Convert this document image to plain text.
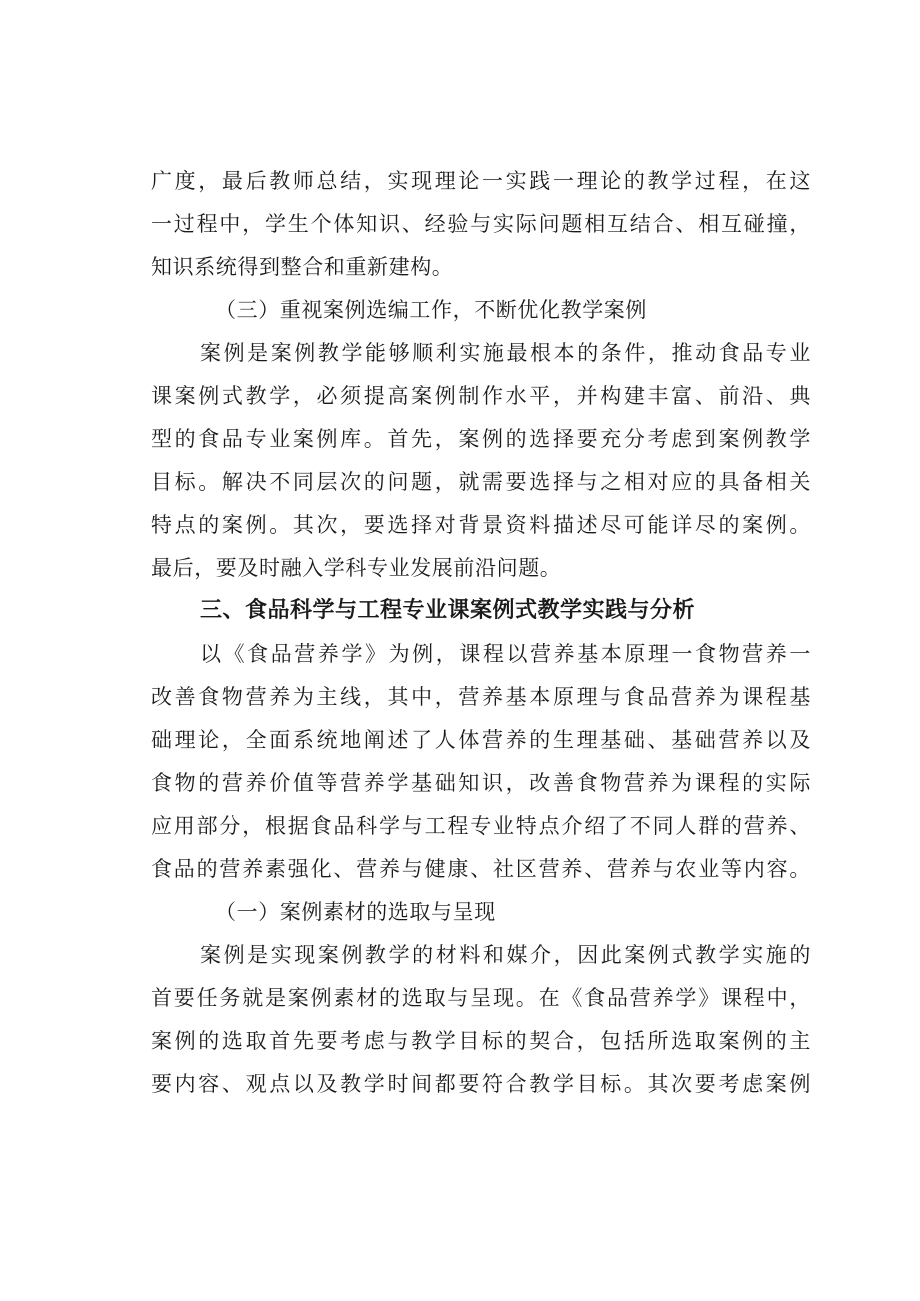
广度，最后教师总结，实现理论一实践一理论的教学过程，在这
一过程中，学生个体知识、经验与实际问题相互结合、相互碰撞，
知识系统得到整合和重新建构。
（三）重视案例选编工作，不断优化教学案例
案例是案例教学能够顺利实施最根本的条件，推动食品专业
课案例式教学，必须提高案例制作水平，并构建丰富、前沿、典
型的食品专业案例库。首先，案例的选择要充分考虑到案例教学
目标。解决不同层次的问题，就需要选择与之相对应的具备相关
特点的案例。其次，要选择对背景资料描述尽可能详尽的案例。
最后，要及时融入学科专业发展前沿问题。
三、食品科学与工程专业课案例式教学实践与分析
以《食品营养学》为例，课程以营养基本原理一食物营养一
改善食物营养为主线，其中，营养基本原理与食品营养为课程基
础理论，全面系统地阐述了人体营养的生理基础、基础营养以及
食物的营养价值等营养学基础知识，改善食物营养为课程的实际
应用部分，根据食品科学与工程专业特点介绍了不同人群的营养、
食品的营养素强化、营养与健康、社区营养、营养与农业等内容。
（一）案例素材的选取与呈现
案例是实现案例教学的材料和媒介，因此案例式教学实施的
首要任务就是案例素材的选取与呈现。在《食品营养学》课程中，
案例的选取首先要考虑与教学目标的契合，包括所选取案例的主
要内容、观点以及教学时间都要符合教学目标。其次要考虑案例
